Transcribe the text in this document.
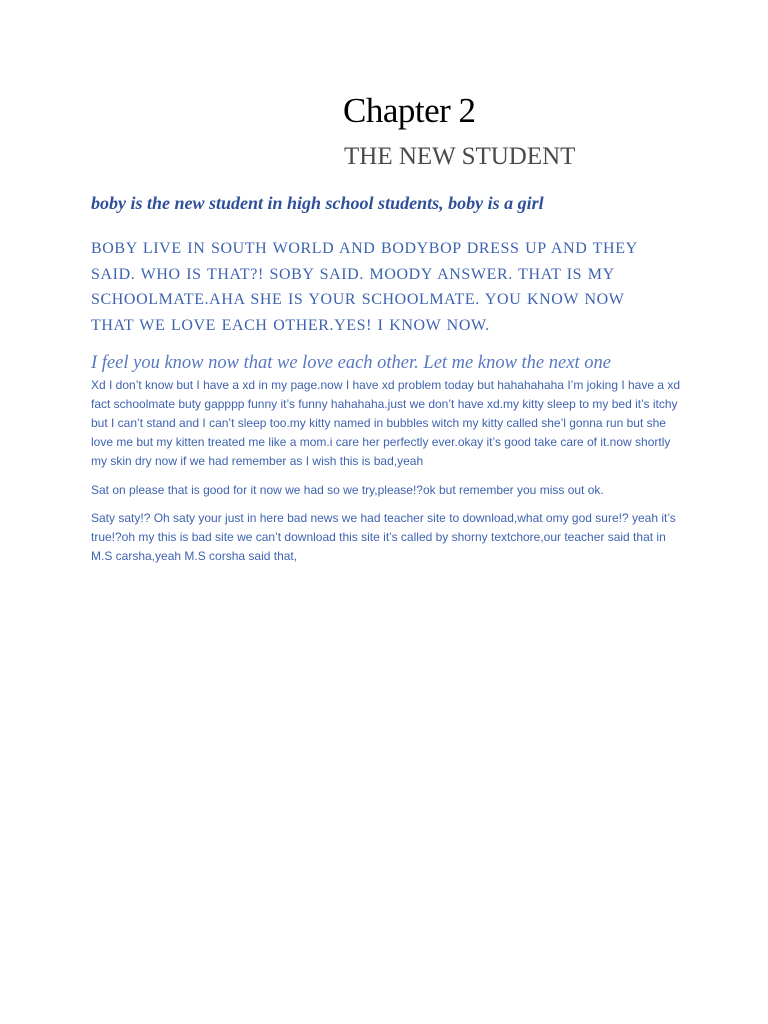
Chapter 2
THE NEW STUDENT

boby is the new student in high school students, boby is a girl

BOBY LIVE IN SOUTH WORLD AND BODYBOP DRESS UP AND THEY SAID. WHO IS THAT?! SOBY SAID. MOODY ANSWER. THAT IS MY SCHOOLMATE.AHA SHE IS YOUR SCHOOLMATE. YOU KNOW NOW THAT WE LOVE EACH OTHER.YES! I KNOW NOW.

I feel you know now that we love each other. Let me know the next one

Xd I don’t know but I have a xd in my page.now I have xd problem today but hahahahaha I’m joking I have a xd fact schoolmate buty gapppp funny it’s funny hahahaha.just we don’t have xd.my kitty sleep to my bed it’s itchy but I can’t stand and I can’t sleep too.my kitty named in bubbles witch my kitty called she’l gonna run but she love me but my kitten treated me like a mom.i care her perfectly ever.okay it’s good take care of it.now shortly my skin dry now if we had remember as I wish this is bad,yeah

Sat on please that is good for it now we had so we try,please!?ok but remember you miss out ok.

Saty saty!? Oh saty your just in here bad news we had teacher site to download,what omy god sure!? yeah it’s true!?oh my this is bad site we can’t download this site it’s called by shorny textchore,our teacher said that in M.S carsha,yeah M.S corsha said that,
